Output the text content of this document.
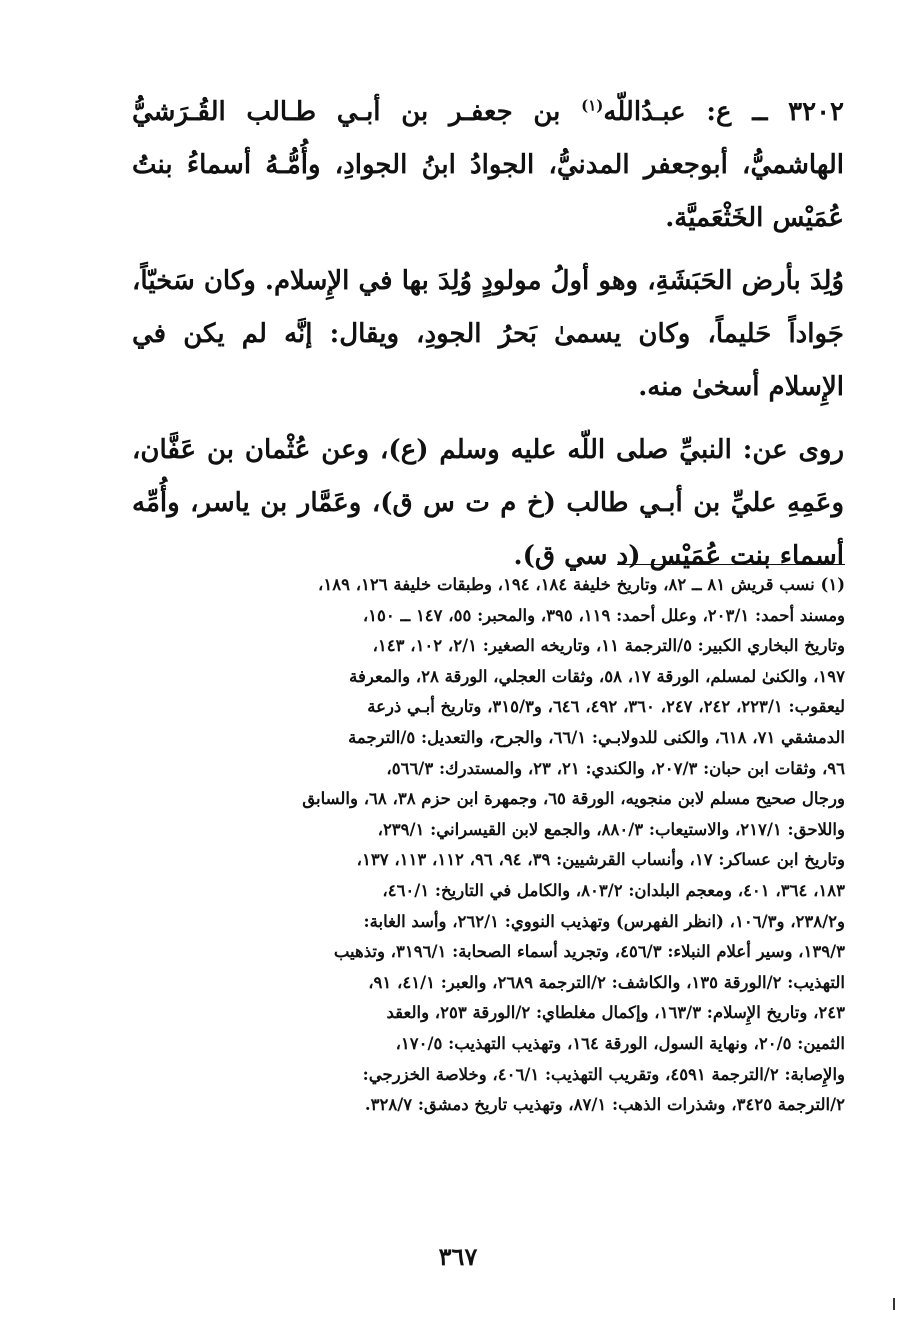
٣٢٠٢ ــ ع: عبـدُاللّه$^{(١)}$ بن جعفـر بن أبـي طـالب القُـرَشيُّ الهاشميُّ، أبوجعفر المدنيُّ، الجوادُ ابنُ الجوادِ، وأُمُّـهُ أسماءُ بنتُ عُمَيْس الخَثْعَميَّة.

وُلِدَ بأرض الحَبَشَةِ، وهو أولُ مولودٍ وُلِدَ بها في الإِسلام. وكان سَخيّاً، جَواداً حَليماً، وكان يسمىٰ بَحرُ الجودِ، ويقال: إنَّه لم يكن في الإِسلام أسخىٰ منه.

روى عن: النبيِّ صلى اللّه عليه وسلم (ع)، وعن عُثْمان بن عَفَّان، وعَمِهِ عليِّ بن أبـي طالب (خ م ت س ق)، وعَمَّار بن ياسر، وأُمِّه أسماء بنت عُمَيْس (د سي ق).

(١) نسب قريش ٨١ ــ ٨٢، وتاريخ خليفة ١٨٤، ١٩٤، وطبقات خليفة ١٢٦، ١٨٩،
ومسند أحمد: ٢٠٣/١، وعلل أحمد: ١١٩، ٣٩٥، والمحبر: ٥٥، ١٤٧ ــ ١٥٠،
وتاريخ البخاري الكبير: ٥/الترجمة ١١، وتاريخه الصغير: ٢/١، ١٠٢، ١٤٣،
١٩٧، والكنىٰ لمسلم، الورقة ١٧، ٥٨، وثقات العجلي، الورقة ٢٨، والمعرفة
ليعقوب: ٢٢٣/١، ٢٤٢، ٢٤٧، ٣٦٠، ٤٩٢، ٦٤٦، و٣١٥/٣، وتاريخ أبـي ذرعة
الدمشقي ٧١، ٦١٨، والكنى للدولابـي: ٦٦/١، والجرح، والتعديل: ٥/الترجمة
٩٦، وثقات ابن حبان: ٢٠٧/٣، والكندي: ٢١، ٢٣، والمستدرك: ٥٦٦/٣،
ورجال صحيح مسلم لابن منجويه، الورقة ٦٥، وجمهرة ابن حزم ٣٨، ٦٨، والسابق
واللاحق: ٢١٧/١، والاستيعاب: ٨٨٠/٣، والجمع لابن القيسراني: ٢٣٩/١،
وتاريخ ابن عساكر: ١٧، وأنساب القرشيين: ٣٩، ٩٤، ٩٦، ١١٢، ١١٣، ١٣٧،
١٨٣، ٣٦٤، ٤٠١، ومعجم البلدان: ٨٠٣/٢، والكامل في التاريخ: ٤٦٠/١،
و٢٣٨/٢، و١٠٦/٣، (انظر الفهرس) وتهذيب النووي: ٢٦٢/١، وأسد الغابة:
١٣٩/٣، وسير أعلام النبلاء: ٤٥٦/٣، وتجريد أسماء الصحابة: ٣١٩٦/١، وتذهيب
التهذيب: ٢/الورقة ١٣٥، والكاشف: ٢/الترجمة ٢٦٨٩، والعبر: ٤١/١، ٩١،
٢٤٣، وتاريخ الإِسلام: ١٦٣/٣، وإكمال مغلطاي: ٢/الورقة ٢٥٣، والعقد
الثمين: ٢٠/٥، ونهاية السول، الورقة ١٦٤، وتهذيب التهذيب: ١٧٠/٥،
والإِصابة: ٢/الترجمة ٤٥٩١، وتقريب التهذيب: ٤٠٦/١، وخلاصة الخزرجي:
٢/الترجمة ٣٤٢٥، وشذرات الذهب: ٨٧/١، وتهذيب تاريخ دمشق: ٣٢٨/٧.
٣٦٧
